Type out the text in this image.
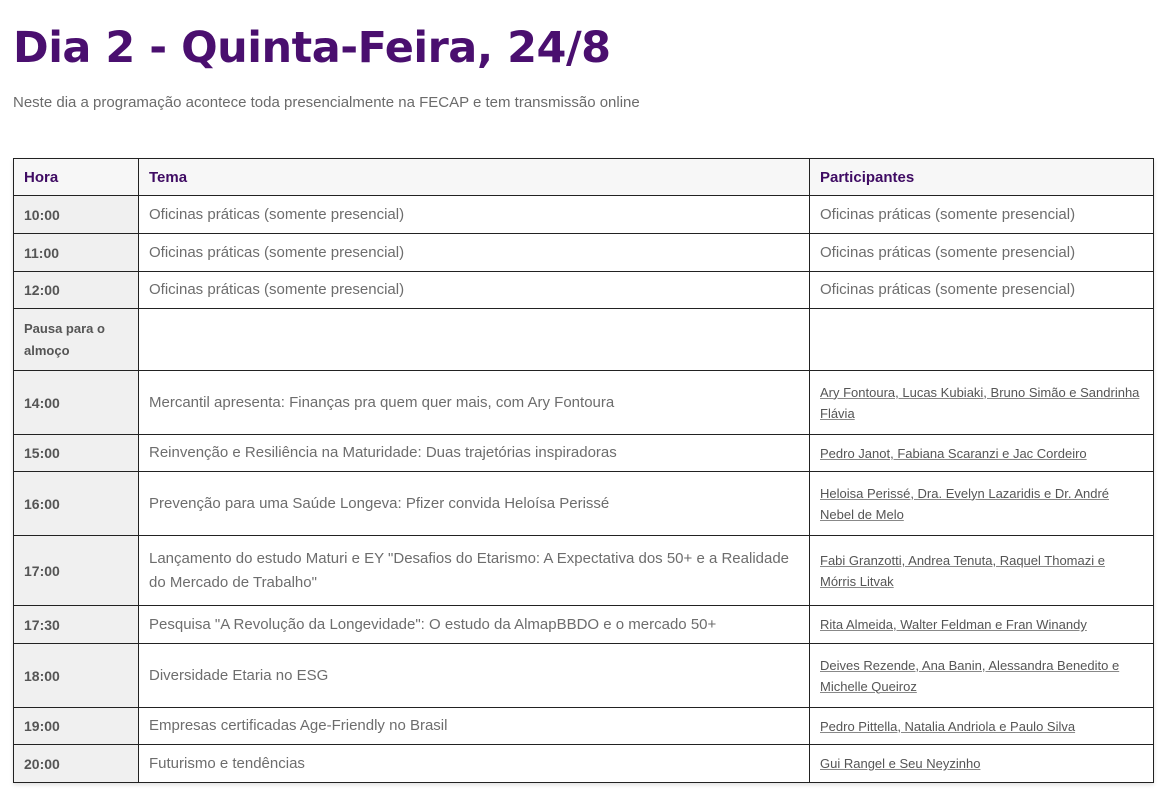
Dia 2 - Quinta-Feira, 24/8

Neste dia a programação acontece toda presencialmente na FECAP e tem transmissão online

Hora	Tema	Participantes
10:00	Oficinas práticas (somente presencial)	Oficinas práticas (somente presencial)
11:00	Oficinas práticas (somente presencial)	Oficinas práticas (somente presencial)
12:00	Oficinas práticas (somente presencial)	Oficinas práticas (somente presencial)
Pausa para o almoço		
14:00	Mercantil apresenta: Finanças pra quem quer mais, com Ary Fontoura	Ary Fontoura, Lucas Kubiaki, Bruno Simão e Sandrinha Flávia
15:00	Reinvenção e Resiliência na Maturidade: Duas trajetórias inspiradoras	Pedro Janot, Fabiana Scaranzi e Jac Cordeiro
16:00	Prevenção para uma Saúde Longeva: Pfizer convida Heloísa Perissé	Heloisa Perissé, Dra. Evelyn Lazaridis e Dr. André Nebel de Melo
17:00	Lançamento do estudo Maturi e EY "Desafios do Etarismo: A Expectativa dos 50+ e a Realidade do Mercado de Trabalho"	Fabi Granzotti, Andrea Tenuta, Raquel Thomazi e Mórris Litvak
17:30	Pesquisa "A Revolução da Longevidade": O estudo da AlmapBBDO e o mercado 50+	Rita Almeida, Walter Feldman e Fran Winandy
18:00	Diversidade Etaria no ESG	Deives Rezende, Ana Banin, Alessandra Benedito e Michelle Queiroz
19:00	Empresas certificadas Age-Friendly no Brasil	Pedro Pittella, Natalia Andriola e Paulo Silva
20:00	Futurismo e tendências	Gui Rangel e Seu Neyzinho
